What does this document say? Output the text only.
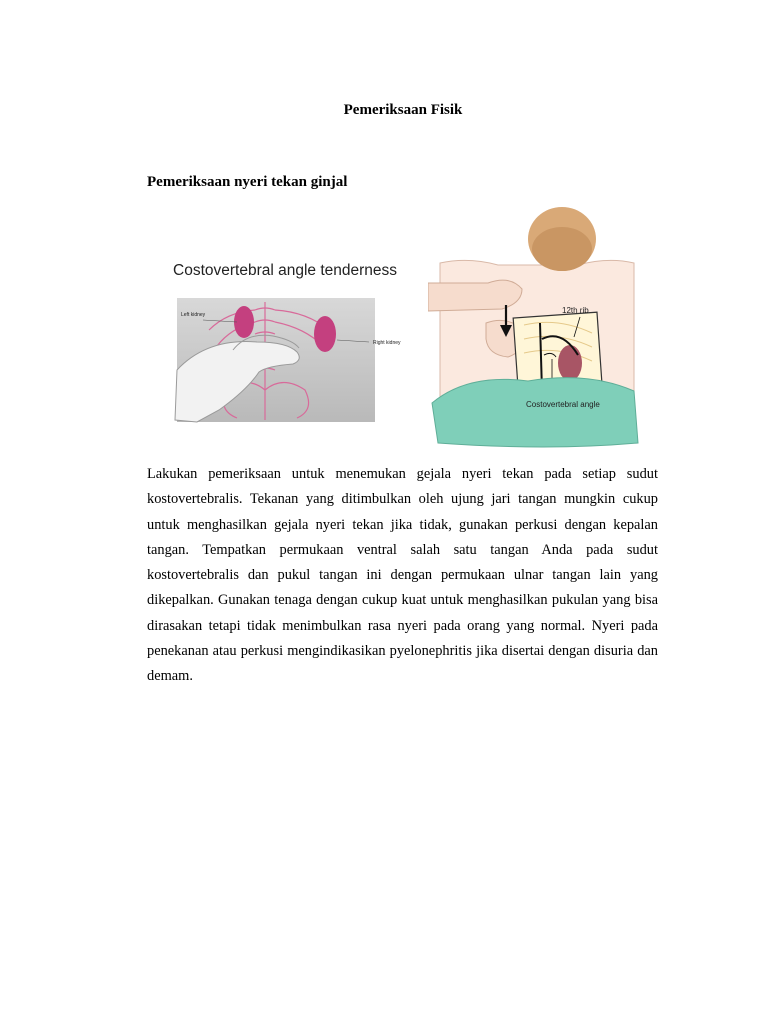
Pemeriksaan Fisik
Pemeriksaan nyeri tekan ginjal
Costovertebral angle tenderness
Left kidney
Right kidney
12th rib
Costovertebral angle

Lakukan pemeriksaan untuk menemukan gejala nyeri tekan pada setiap sudut kostovertebralis. Tekanan yang ditimbulkan oleh ujung jari tangan mungkin cukup untuk menghasilkan gejala nyeri tekan jika tidak, gunakan perkusi dengan kepalan tangan. Tempatkan permukaan ventral salah satu tangan Anda pada sudut kostovertebralis dan pukul tangan ini dengan permukaan ulnar tangan lain yang dikepalkan. Gunakan tenaga dengan cukup kuat untuk menghasilkan pukulan yang bisa dirasakan tetapi tidak menimbulkan rasa nyeri pada orang yang normal. Nyeri pada penekanan atau perkusi mengindikasikan pyelonephritis jika disertai dengan disuria dan demam.
